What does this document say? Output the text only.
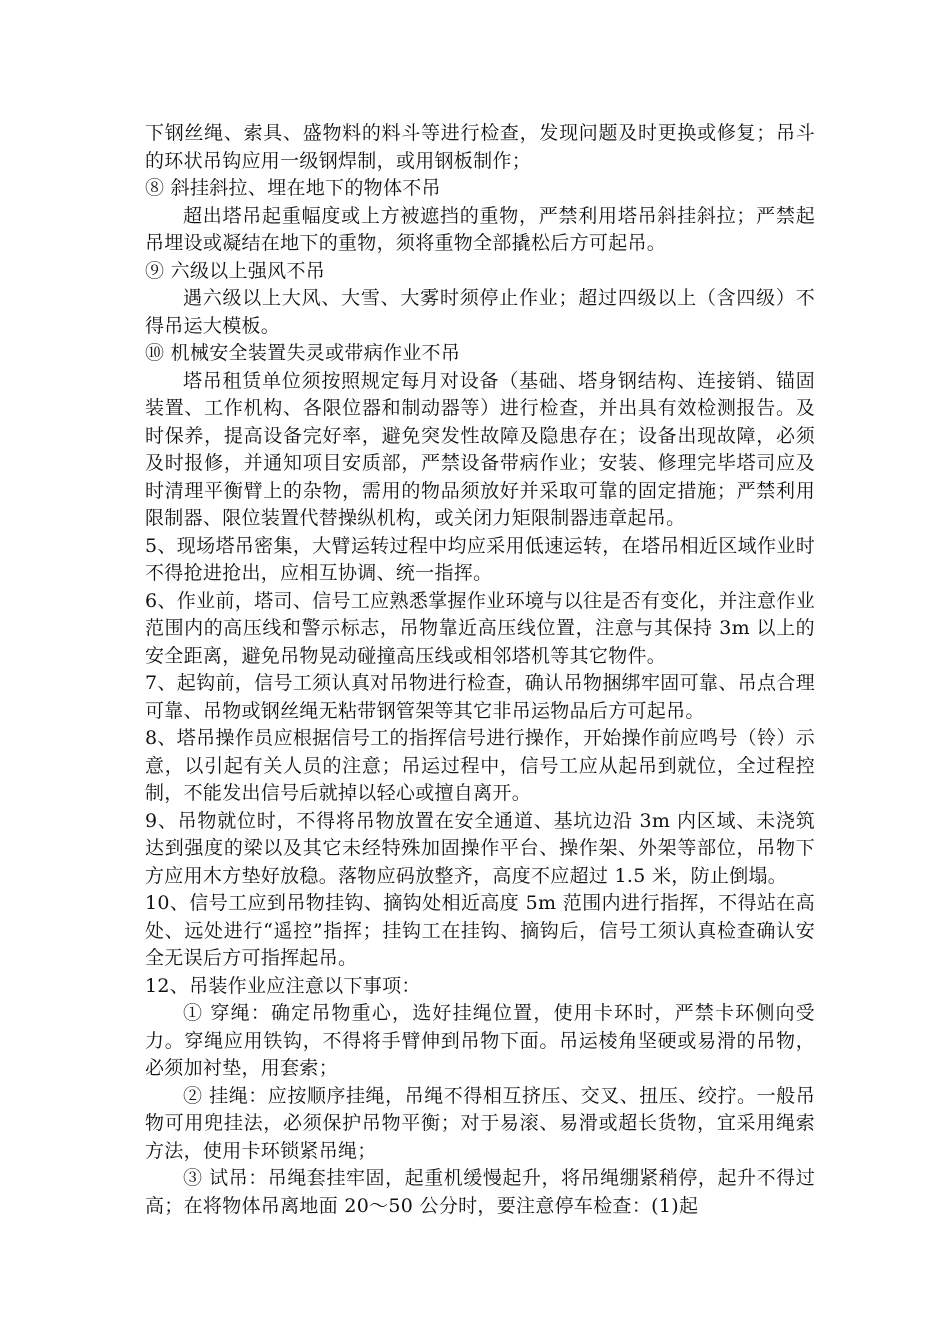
下钢丝绳、索具、盛物料的料斗等进行检查，发现问题及时更换或修复；吊斗的环状吊钩应用一级钢焊制，或用钢板制作；

⑧ 斜挂斜拉、埋在地下的物体不吊

超出塔吊起重幅度或上方被遮挡的重物，严禁利用塔吊斜挂斜拉；严禁起吊埋设或凝结在地下的重物，须将重物全部撬松后方可起吊。

⑨ 六级以上强风不吊

遇六级以上大风、大雪、大雾时须停止作业；超过四级以上（含四级）不得吊运大模板。

⑩ 机械安全装置失灵或带病作业不吊

塔吊租赁单位须按照规定每月对设备（基础、塔身钢结构、连接销、锚固装置、工作机构、各限位器和制动器等）进行检查，并出具有效检测报告。及时保养，提高设备完好率，避免突发性故障及隐患存在；设备出现故障，必须及时报修，并通知项目安质部，严禁设备带病作业；安装、修理完毕塔司应及时清理平衡臂上的杂物，需用的物品须放好并采取可靠的固定措施；严禁利用限制器、限位装置代替操纵机构，或关闭力矩限制器违章起吊。

5、现场塔吊密集，大臂运转过程中均应采用低速运转，在塔吊相近区域作业时不得抢进抢出，应相互协调、统一指挥。

6、作业前，塔司、信号工应熟悉掌握作业环境与以往是否有变化，并注意作业范围内的高压线和警示标志，吊物靠近高压线位置，注意与其保持 3m 以上的安全距离，避免吊物晃动碰撞高压线或相邻塔机等其它物件。

7、起钩前，信号工须认真对吊物进行检查，确认吊物捆绑牢固可靠、吊点合理可靠、吊物或钢丝绳无粘带钢管架等其它非吊运物品后方可起吊。

8、塔吊操作员应根据信号工的指挥信号进行操作，开始操作前应鸣号（铃）示意，以引起有关人员的注意；吊运过程中，信号工应从起吊到就位，全过程控制，不能发出信号后就掉以轻心或擅自离开。

9、吊物就位时，不得将吊物放置在安全通道、基坑边沿 3m 内区域、未浇筑达到强度的梁以及其它未经特殊加固操作平台、操作架、外架等部位，吊物下方应用木方垫好放稳。落物应码放整齐，高度不应超过 1.5 米，防止倒塌。

10、信号工应到吊物挂钩、摘钩处相近高度 5m 范围内进行指挥，不得站在高处、远处进行“遥控”指挥；挂钩工在挂钩、摘钩后，信号工须认真检查确认安全无误后方可指挥起吊。

12、吊装作业应注意以下事项：

① 穿绳：确定吊物重心，选好挂绳位置，使用卡环时，严禁卡环侧向受力。穿绳应用铁钩，不得将手臂伸到吊物下面。吊运棱角坚硬或易滑的吊物，必须加衬垫，用套索；

② 挂绳：应按顺序挂绳，吊绳不得相互挤压、交叉、扭压、绞拧。一般吊物可用兜挂法，必须保护吊物平衡；对于易滚、易滑或超长货物，宜采用绳索方法，使用卡环锁紧吊绳；

③ 试吊：吊绳套挂牢固，起重机缓慢起升，将吊绳绷紧稍停，起升不得过高；在将物体吊离地面 20～50 公分时，要注意停车检查：(1)起
